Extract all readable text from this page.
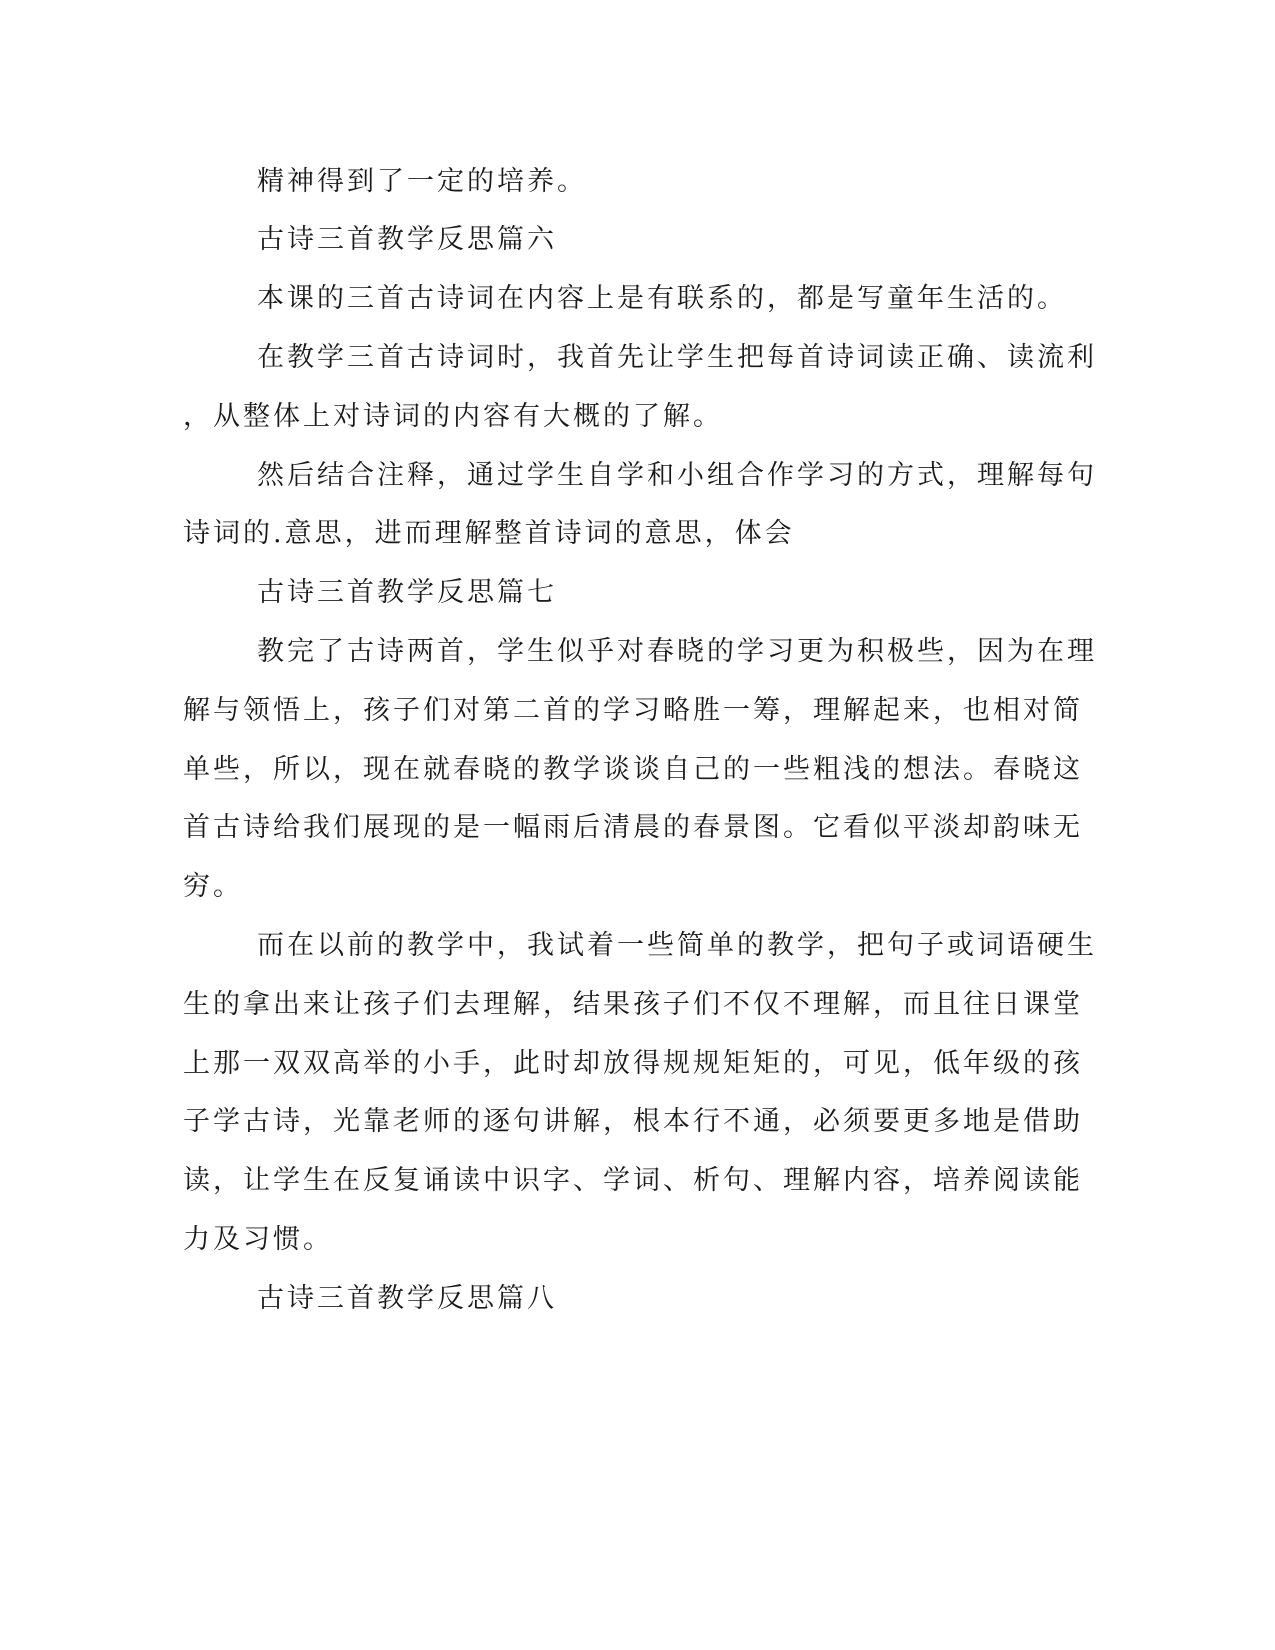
精神得到了一定的培养。
古诗三首教学反思篇六
本课的三首古诗词在内容上是有联系的，都是写童年生活的。
在教学三首古诗词时，我首先让学生把每首诗词读正确、读流利
，从整体上对诗词的内容有大概的了解。
然后结合注释，通过学生自学和小组合作学习的方式，理解每句
诗词的.意思，进而理解整首诗词的意思，体会
古诗三首教学反思篇七
教完了古诗两首，学生似乎对春晓的学习更为积极些，因为在理
解与领悟上，孩子们对第二首的学习略胜一筹，理解起来，也相对简
单些，所以，现在就春晓的教学谈谈自己的一些粗浅的想法。春晓这
首古诗给我们展现的是一幅雨后清晨的春景图。它看似平淡却韵味无
穷。
而在以前的教学中，我试着一些简单的教学，把句子或词语硬生
生的拿出来让孩子们去理解，结果孩子们不仅不理解，而且往日课堂
上那一双双高举的小手，此时却放得规规矩矩的，可见，低年级的孩
子学古诗，光靠老师的逐句讲解，根本行不通，必须要更多地是借助
读，让学生在反复诵读中识字、学词、析句、理解内容，培养阅读能
力及习惯。
古诗三首教学反思篇八
